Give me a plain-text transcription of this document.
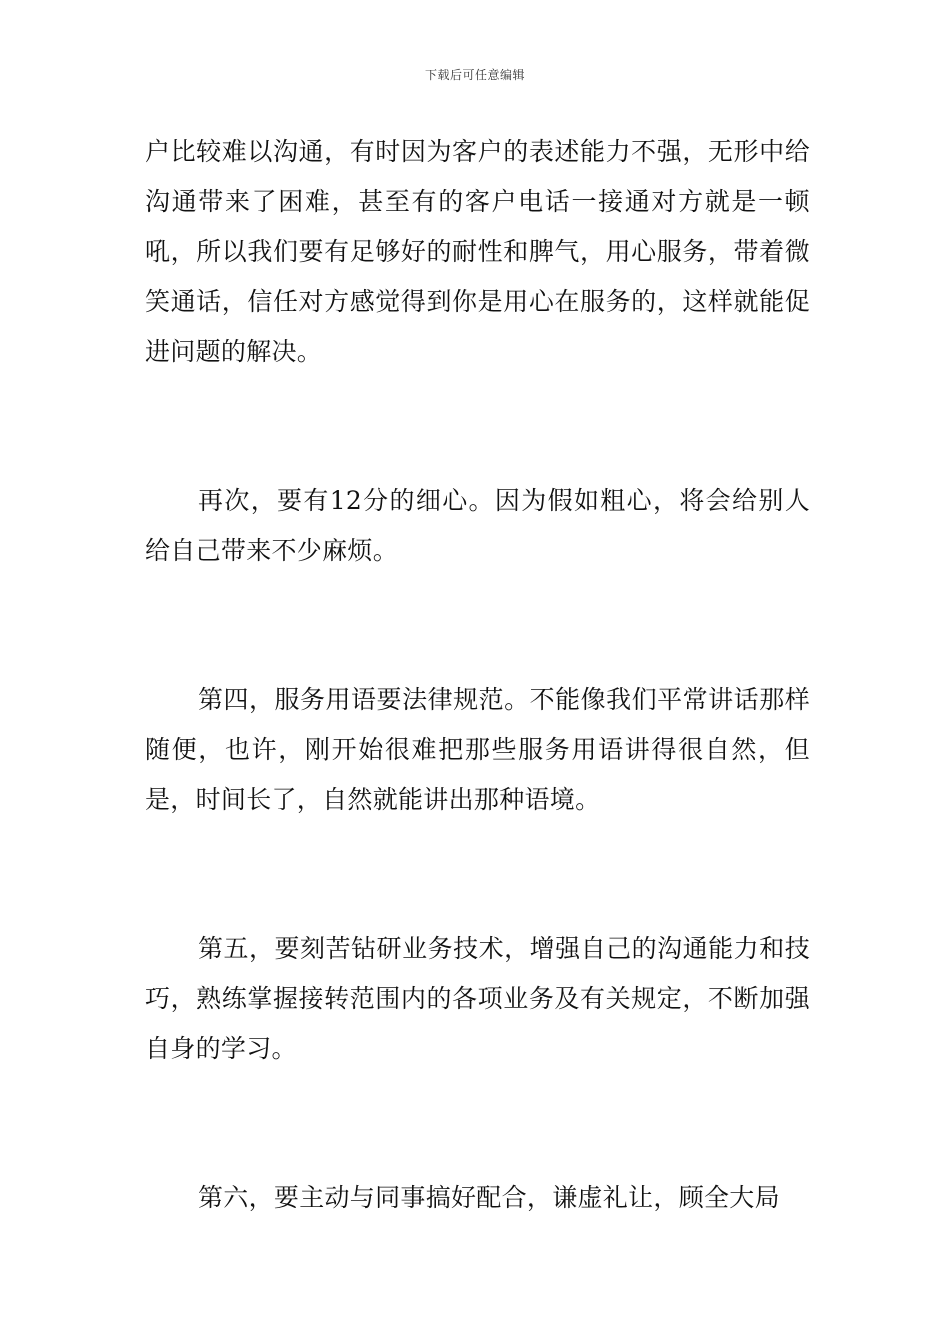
下载后可任意编辑

户比较难以沟通，有时因为客户的表述能力不强，无形中给沟通带来了困难，甚至有的客户电话一接通对方就是一顿吼，所以我们要有足够好的耐性和脾气，用心服务，带着微笑通话，信任对方感觉得到你是用心在服务的，这样就能促进问题的解决。

再次，要有12分的细心。因为假如粗心，将会给别人给自己带来不少麻烦。

第四，服务用语要法律规范。不能像我们平常讲话那样随便，也许，刚开始很难把那些服务用语讲得很自然，但是，时间长了，自然就能讲出那种语境。

第五，要刻苦钻研业务技术，增强自己的沟通能力和技巧，熟练掌握接转范围内的各项业务及有关规定，不断加强自身的学习。

第六，要主动与同事搞好配合，谦虚礼让，顾全大局
